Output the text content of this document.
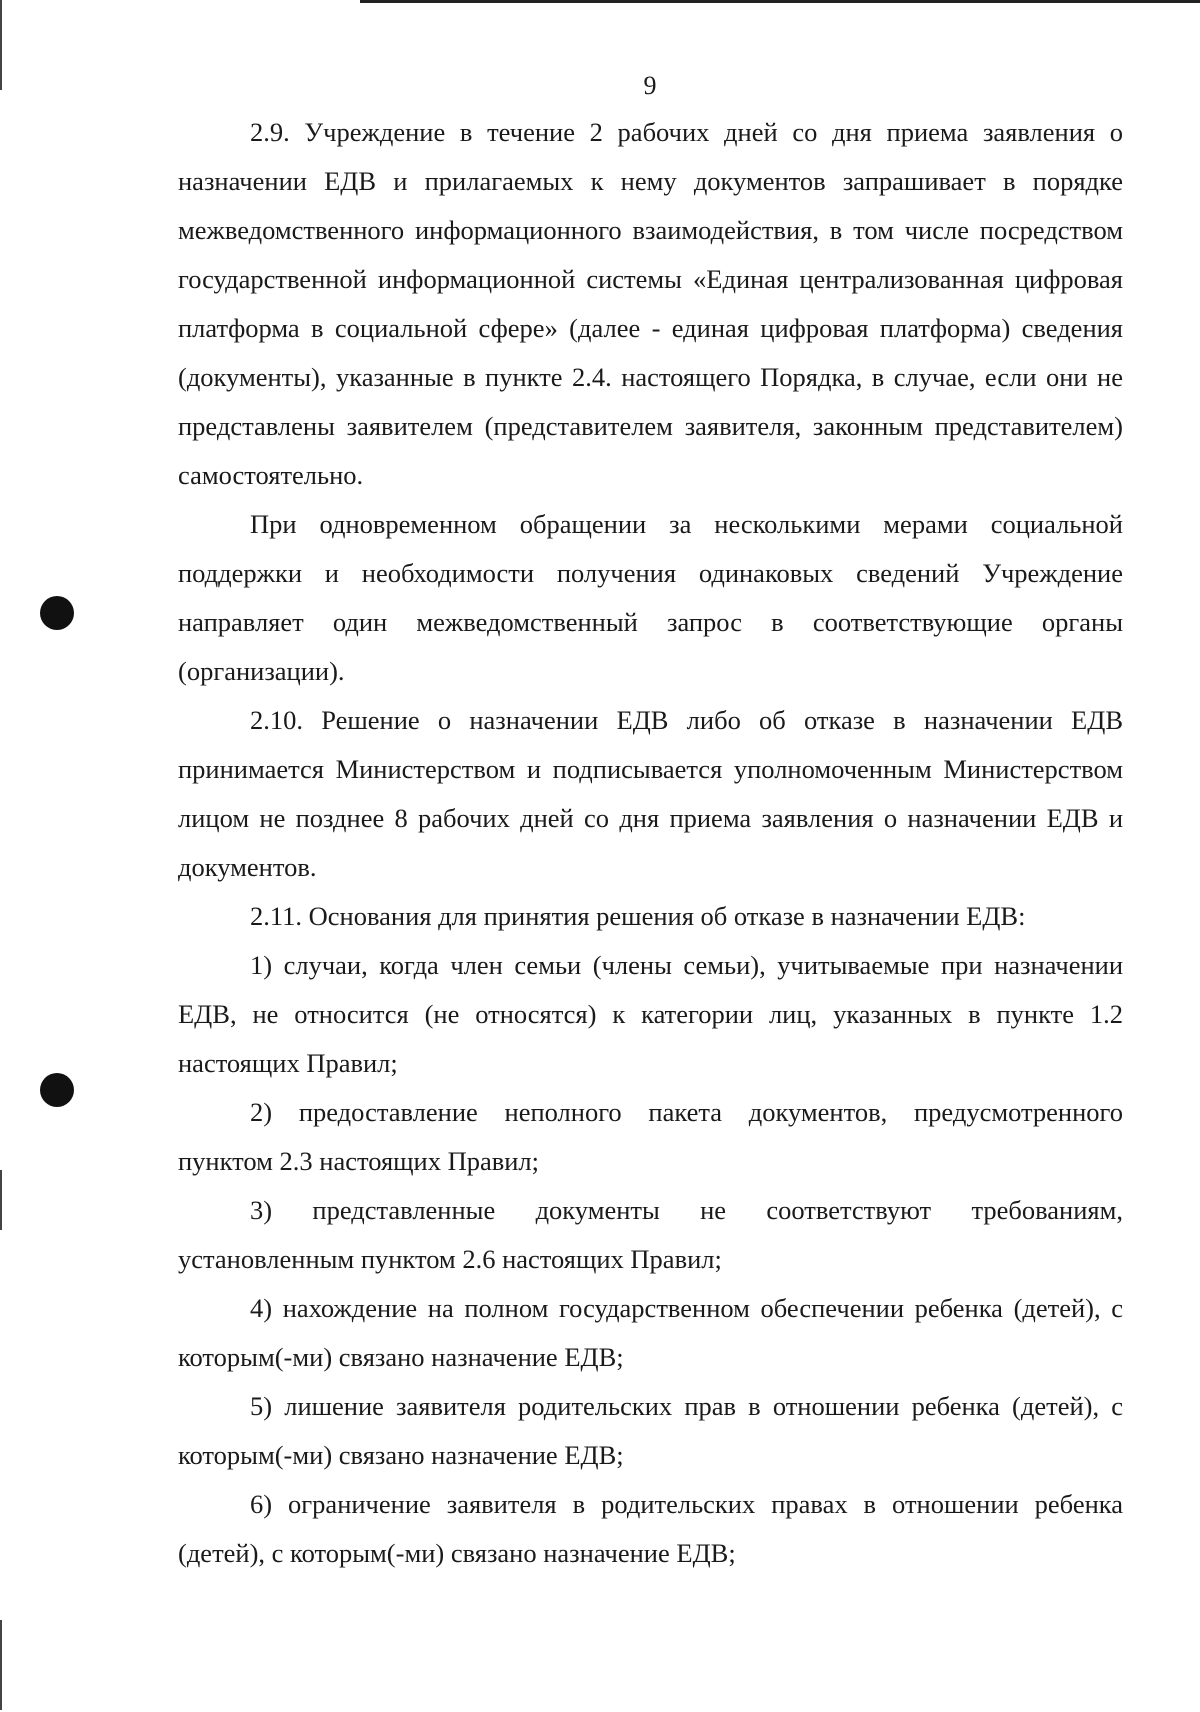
9

2.9. Учреждение в течение 2 рабочих дней со дня приема заявления о назначении ЕДВ и прилагаемых к нему документов запрашивает в порядке межведомственного информационного взаимодействия, в том числе посредством государственной информационной системы «Единая централизованная цифровая платформа в социальной сфере» (далее - единая цифровая платформа) сведения (документы), указанные в пункте 2.4. настоящего Порядка, в случае, если они не представлены заявителем (представителем заявителя, законным представителем) самостоятельно.

При одновременном обращении за несколькими мерами социальной поддержки и необходимости получения одинаковых сведений Учреждение направляет один межведомственный запрос в соответствующие органы (организации).

2.10. Решение о назначении ЕДВ либо об отказе в назначении ЕДВ принимается Министерством и подписывается уполномоченным Министерством лицом не позднее 8 рабочих дней со дня приема заявления о назначении ЕДВ и документов.

2.11. Основания для принятия решения об отказе в назначении ЕДВ:

1) случаи, когда член семьи (члены семьи), учитываемые при назначении ЕДВ, не относится (не относятся) к категории лиц, указанных в пункте 1.2 настоящих Правил;

2) предоставление неполного пакета документов, предусмотренного пунктом 2.3 настоящих Правил;

3) представленные документы не соответствуют требованиям, установленным пунктом 2.6 настоящих Правил;

4) нахождение на полном государственном обеспечении ребенка (детей), с которым(-ми) связано назначение ЕДВ;

5) лишение заявителя родительских прав в отношении ребенка (детей), с которым(-ми) связано назначение ЕДВ;

6) ограничение заявителя в родительских правах в отношении ребенка (детей), с которым(-ми) связано назначение ЕДВ;
